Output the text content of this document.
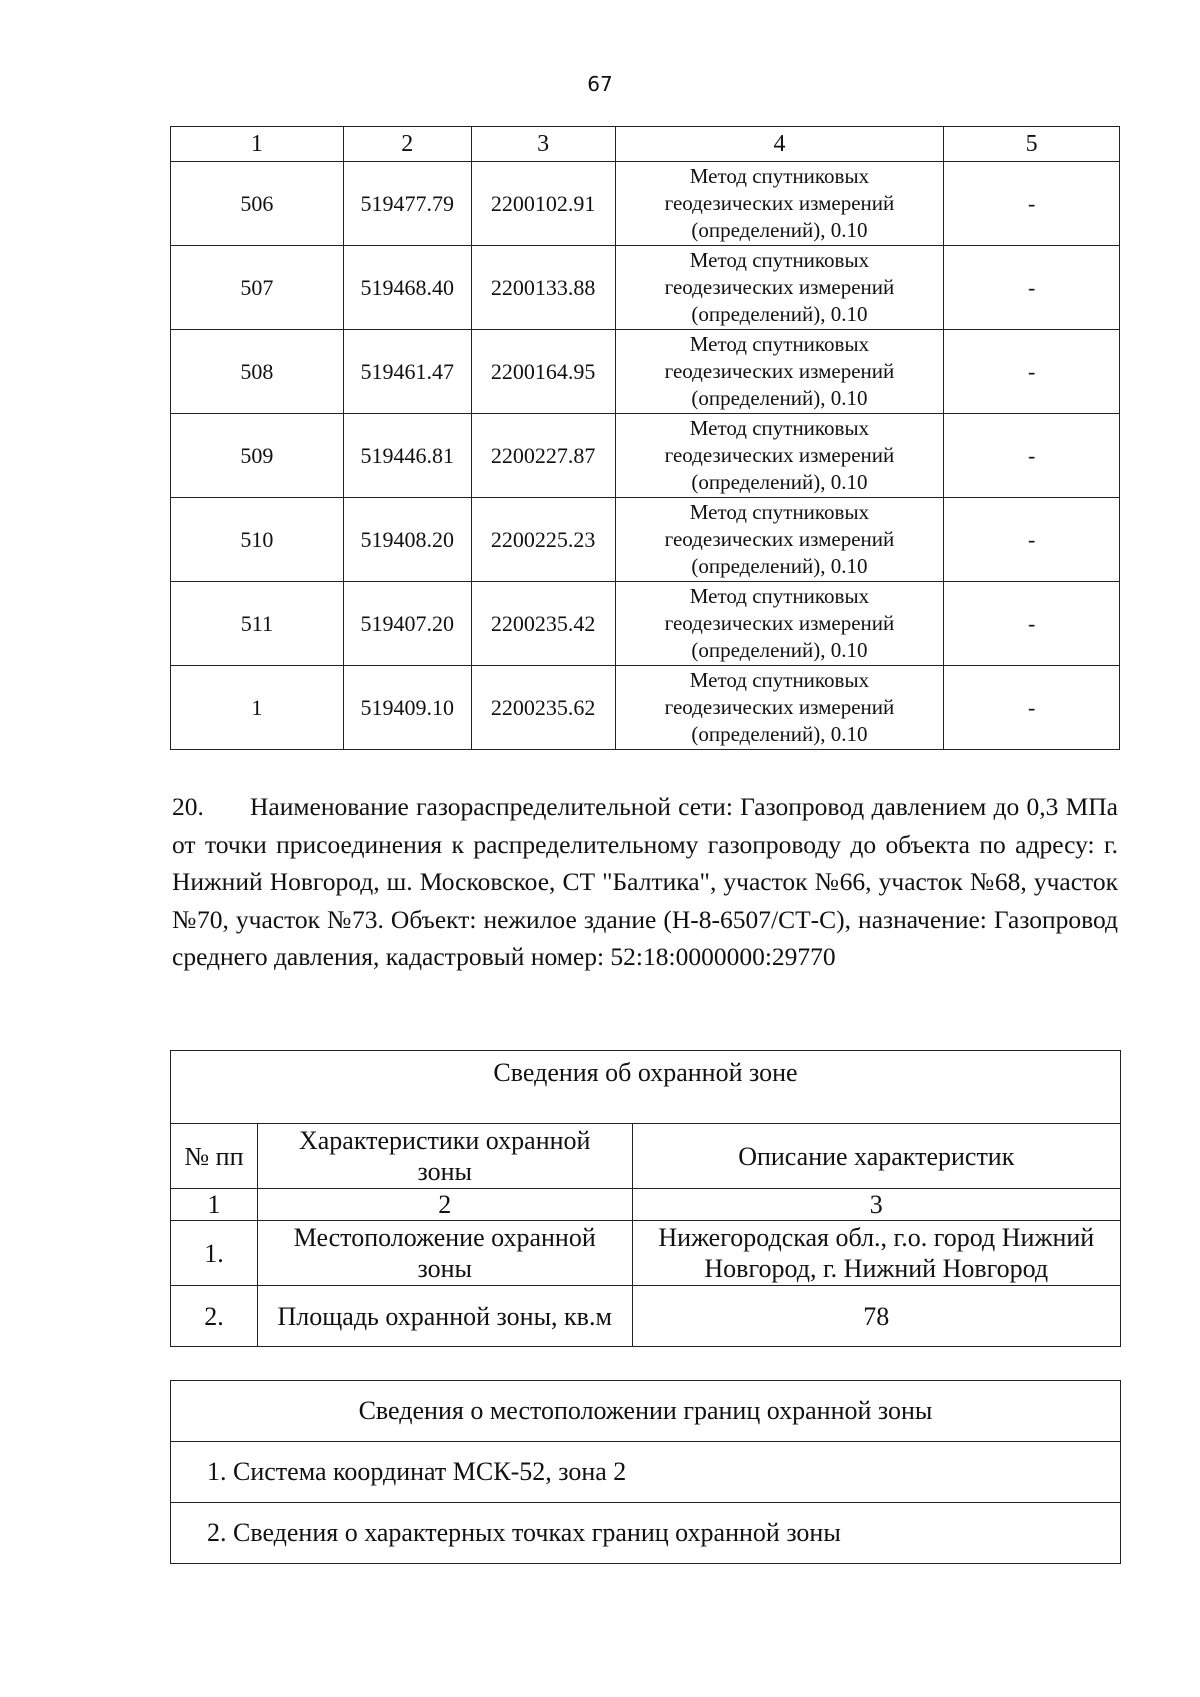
67
1	2	3	4	5
506	519477.79	2200102.91	Метод спутниковых
геодезических измерений
(определений), 0.10	-
507	519468.40	2200133.88	Метод спутниковых
геодезических измерений
(определений), 0.10	-
508	519461.47	2200164.95	Метод спутниковых
геодезических измерений
(определений), 0.10	-
509	519446.81	2200227.87	Метод спутниковых
геодезических измерений
(определений), 0.10	-
510	519408.20	2200225.23	Метод спутниковых
геодезических измерений
(определений), 0.10	-
511	519407.20	2200235.42	Метод спутниковых
геодезических измерений
(определений), 0.10	-
1	519409.10	2200235.62	Метод спутниковых
геодезических измерений
(определений), 0.10	-
20. Наименование газораспределительной сети: Газопровод давлением до 0,3 МПа от точки присоединения к распределительному газопроводу до объекта по адресу: г. Нижний Новгород, ш. Московское, СТ "Балтика", участок №66, участок №68, участок №70, участок №73. Объект: нежилое здание (Н-8-6507/СТ-С), назначение: Газопровод среднего давления, кадастровый номер: 52:18:0000000:29770
Сведения об охранной зоне		
№ пп	Характеристики охранной
зоны	Описание характеристик
1	2	3
1.	Местоположение охранной
зоны	Нижегородская обл., г.о. город Нижний
Новгород, г. Нижний Новгород
2.	Площадь охранной зоны, кв.м	78
Сведения о местоположении границ охранной зоны
1. Система координат МСК-52, зона 2
2. Сведения о характерных точках границ охранной зоны
